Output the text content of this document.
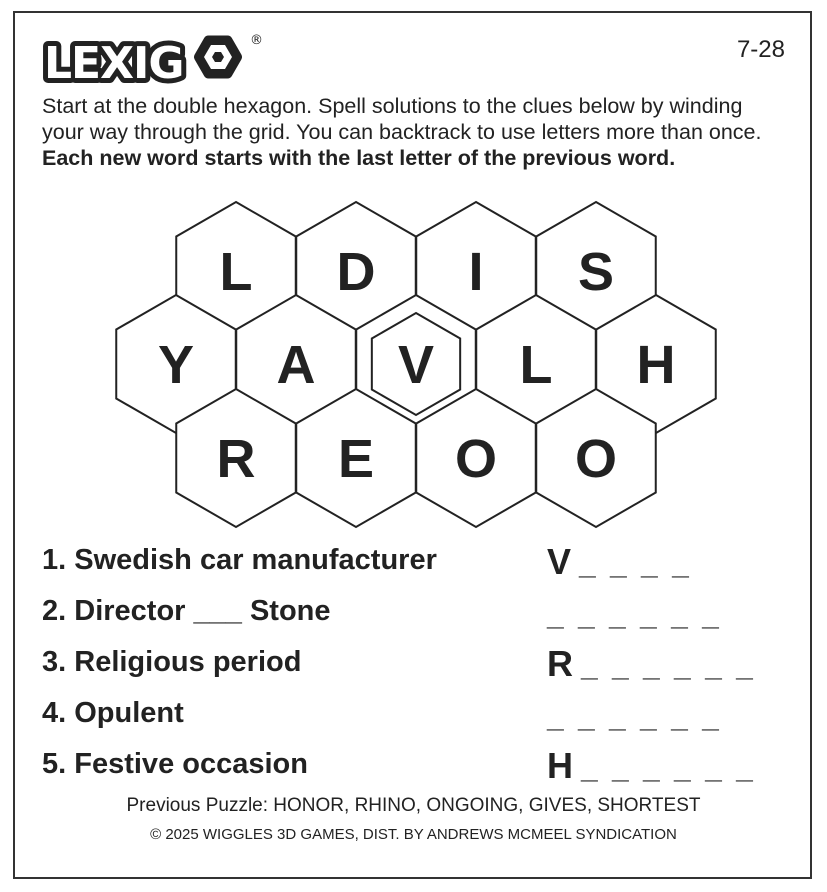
LEXIG	®	7-28
Start at the double hexagon. Spell solutions to the clues below by winding your way through the grid. You can backtrack to use letters more than once. Each new word starts with the last letter of the previous word.
L D I S
Y A V L H
R E O O
1. Swedish car manufacturer	V _ _ _ _
2. Director ___ Stone	_ _ _ _ _ _
3. Religious period	R _ _ _ _ _ _
4. Opulent	_ _ _ _ _ _
5. Festive occasion	H _ _ _ _ _ _
Previous Puzzle: HONOR, RHINO, ONGOING, GIVES, SHORTEST
© 2025 WIGGLES 3D GAMES, DIST. BY ANDREWS MCMEEL SYNDICATION
